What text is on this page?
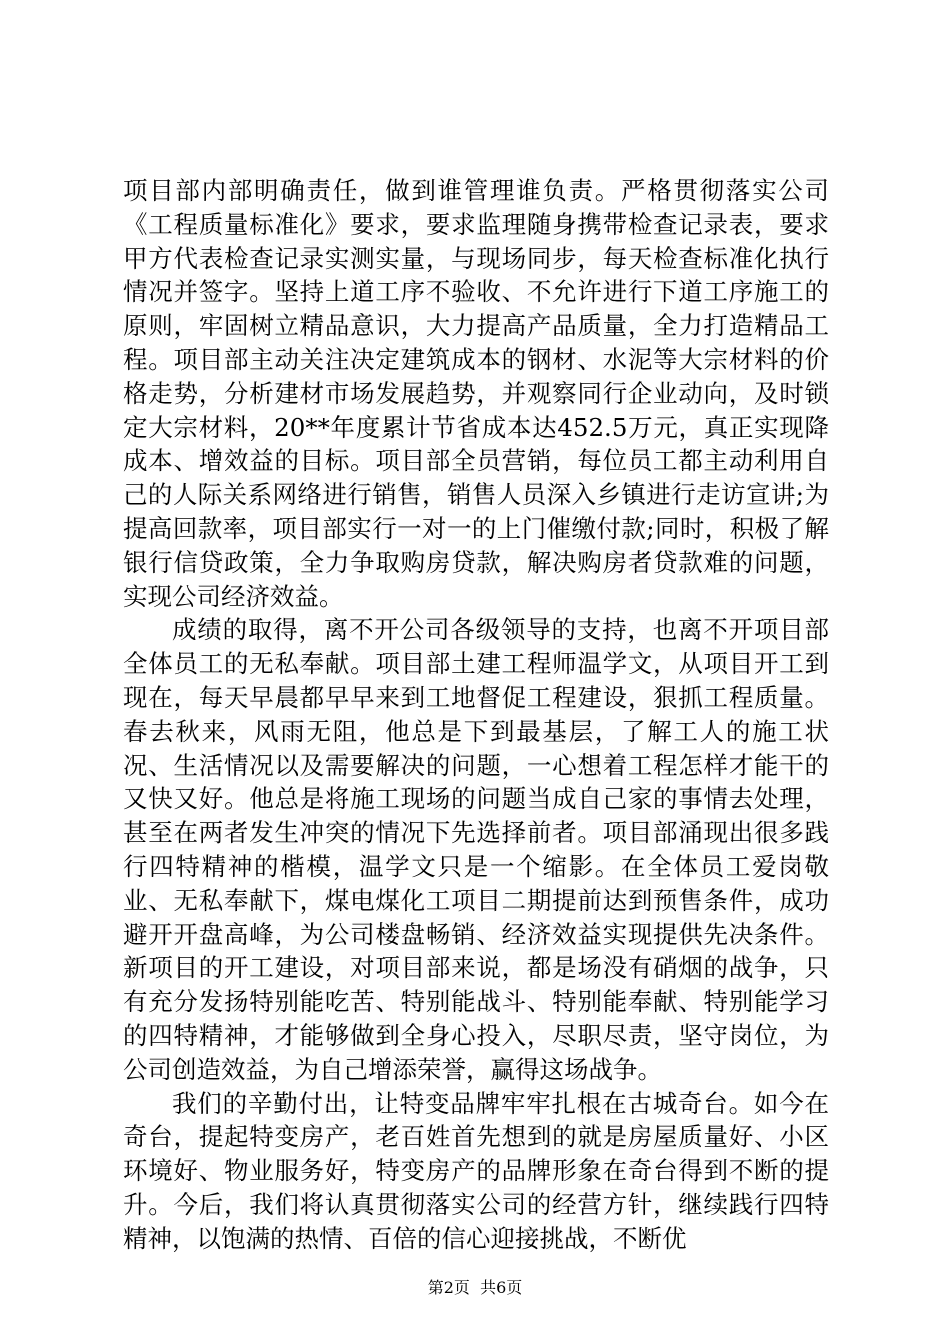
项目部内部明确责任，做到谁管理谁负责。严格贯彻落实公司《工程质量标准化》要求，要求监理随身携带检查记录表，要求甲方代表检查记录实测实量，与现场同步，每天检查标准化执行情况并签字。坚持上道工序不验收、不允许进行下道工序施工的原则，牢固树立精品意识，大力提高产品质量，全力打造精品工程。项目部主动关注决定建筑成本的钢材、水泥等大宗材料的价格走势，分析建材市场发展趋势，并观察同行企业动向，及时锁定大宗材料，20**年度累计节省成本达452.5万元，真正实现降成本、增效益的目标。项目部全员营销，每位员工都主动利用自己的人际关系网络进行销售，销售人员深入乡镇进行走访宣讲;为提高回款率，项目部实行一对一的上门催缴付款;同时，积极了解银行信贷政策，全力争取购房贷款，解决购房者贷款难的问题，实现公司经济效益。

成绩的取得，离不开公司各级领导的支持，也离不开项目部全体员工的无私奉献。项目部土建工程师温学文，从项目开工到现在，每天早晨都早早来到工地督促工程建设，狠抓工程质量。春去秋来，风雨无阻，他总是下到最基层，了解工人的施工状况、生活情况以及需要解决的问题，一心想着工程怎样才能干的又快又好。他总是将施工现场的问题当成自己家的事情去处理，甚至在两者发生冲突的情况下先选择前者。项目部涌现出很多践行四特精神的楷模，温学文只是一个缩影。在全体员工爱岗敬业、无私奉献下，煤电煤化工项目二期提前达到预售条件，成功避开开盘高峰，为公司楼盘畅销、经济效益实现提供先决条件。新项目的开工建设，对项目部来说，都是场没有硝烟的战争，只有充分发扬特别能吃苦、特别能战斗、特别能奉献、特别能学习的四特精神，才能够做到全身心投入，尽职尽责，坚守岗位，为公司创造效益，为自己增添荣誉，赢得这场战争。

我们的辛勤付出，让特变品牌牢牢扎根在古城奇台。如今在奇台，提起特变房产，老百姓首先想到的就是房屋质量好、小区环境好、物业服务好，特变房产的品牌形象在奇台得到不断的提升。今后，我们将认真贯彻落实公司的经营方针，继续践行四特精神，以饱满的热情、百倍的信心迎接挑战，不断优

第2页  共6页
